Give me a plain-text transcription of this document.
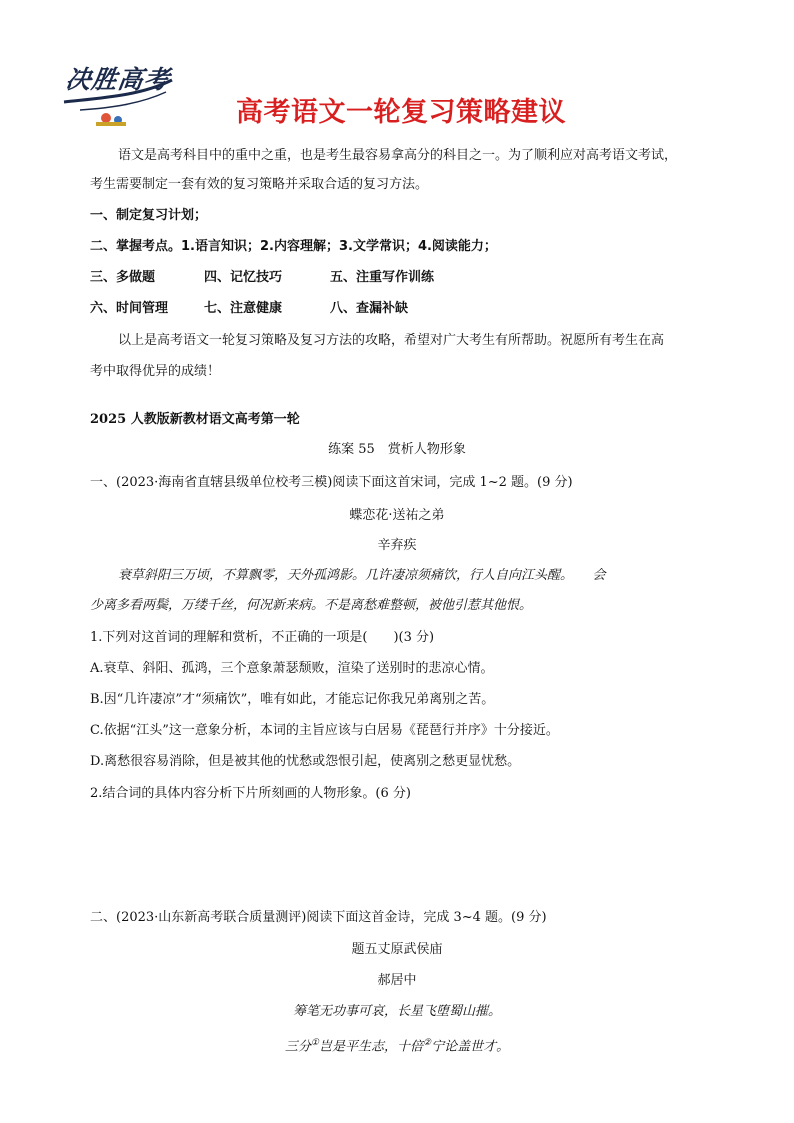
决胜高考
高考语文一轮复习策略建议
语文是高考科目中的重中之重，也是考生最容易拿高分的科目之一。为了顺利应对高考语文考试，
考生需要制定一套有效的复习策略并采取合适的复习方法。
一、制定复习计划；
二、掌握考点。1.语言知识；2.内容理解；3.文学常识；4.阅读能力；
三、多做题	四、记忆技巧	五、注重写作训练
六、时间管理	七、注意健康	八、查漏补缺
以上是高考语文一轮复习策略及复习方法的攻略，希望对广大考生有所帮助。祝愿所有考生在高
考中取得优异的成绩！
2025 人教版新教材语文高考第一轮
练案 55　赏析人物形象
一、(2023·海南省直辖县级单位校考三模)阅读下面这首宋词，完成 1~2 题。(9 分)
蝶恋花·送祐之弟
辛弃疾
衰草斜阳三万顷，不算飘零，天外孤鸿影。几许凄凉须痛饮，行人自向江头醒。　　会
少离多看两鬓，万缕千丝，何况新来病。不是离愁难整顿，被他引惹其他恨。
1.下列对这首词的理解和赏析，不正确的一项是(　　)(3 分)
A.衰草、斜阳、孤鸿，三个意象萧瑟颓败，渲染了送别时的悲凉心情。
B.因“几许凄凉”才“须痛饮”，唯有如此，才能忘记你我兄弟离别之苦。
C.依据“江头”这一意象分析，本词的主旨应该与白居易《琵琶行并序》十分接近。
D.离愁很容易消除，但是被其他的忧愁或怨恨引起，使离别之愁更显忧愁。
2.结合词的具体内容分析下片所刻画的人物形象。(6 分)
二、(2023·山东新高考联合质量测评)阅读下面这首金诗，完成 3~4 题。(9 分)
题五丈原武侯庙
郝居中
筹笔无功事可哀，长星飞堕蜀山摧。
三分①岂是平生志，十倍②宁论盖世才。
